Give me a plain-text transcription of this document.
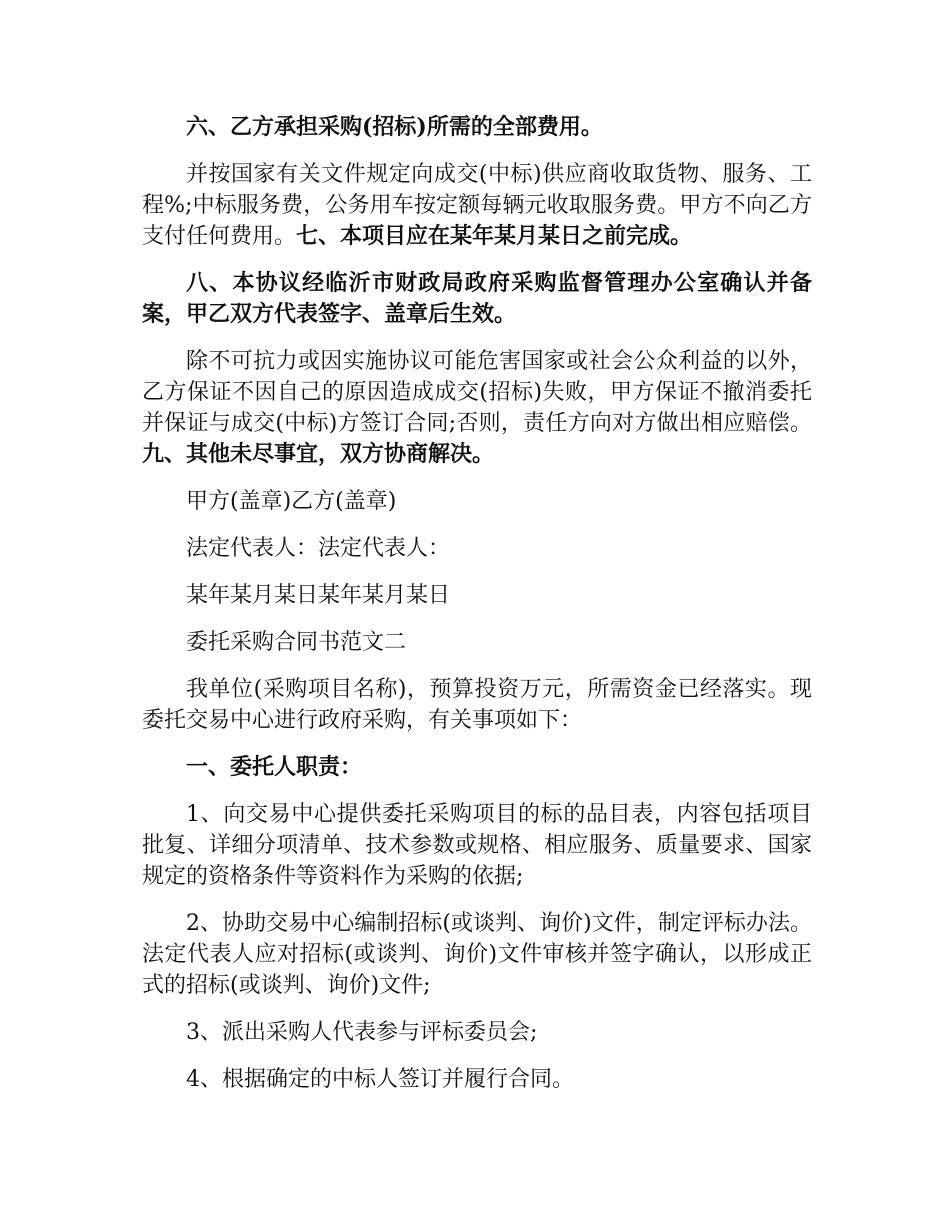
六、乙方承担采购(招标)所需的全部费用。

并按国家有关文件规定向成交(中标)供应商收取货物、服务、工程%;中标服务费，公务用车按定额每辆元收取服务费。甲方不向乙方支付任何费用。七、本项目应在某年某月某日之前完成。

八、本协议经临沂市财政局政府采购监督管理办公室确认并备案，甲乙双方代表签字、盖章后生效。

除不可抗力或因实施协议可能危害国家或社会公众利益的以外，乙方保证不因自己的原因造成成交(招标)失败，甲方保证不撤消委托并保证与成交(中标)方签订合同;否则，责任方向对方做出相应赔偿。九、其他未尽事宜，双方协商解决。

甲方(盖章)乙方(盖章)

法定代表人：法定代表人：

某年某月某日某年某月某日

委托采购合同书范文二

我单位(采购项目名称)，预算投资万元，所需资金已经落实。现委托交易中心进行政府采购，有关事项如下：

一、委托人职责：

1、向交易中心提供委托采购项目的标的品目表，内容包括项目批复、详细分项清单、技术参数或规格、相应服务、质量要求、国家规定的资格条件等资料作为采购的依据;

2、协助交易中心编制招标(或谈判、询价)文件，制定评标办法。法定代表人应对招标(或谈判、询价)文件审核并签字确认，以形成正式的招标(或谈判、询价)文件;

3、派出采购人代表参与评标委员会;

4、根据确定的中标人签订并履行合同。
